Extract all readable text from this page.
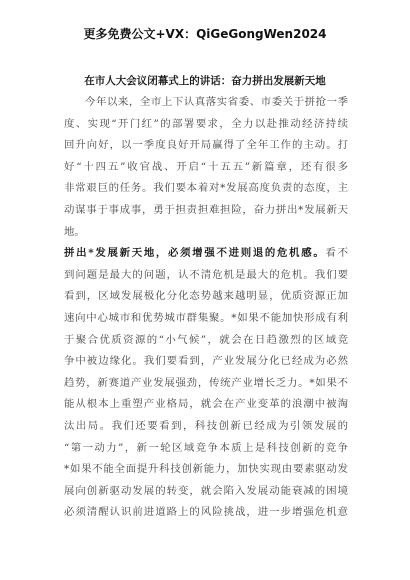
更多免费公文+VX：QiGeGongWen2024
在市人大会议闭幕式上的讲话：奋力拼出发展新天地
今年以来，全市上下认真落实省委、市委关于拼抢一季
度、实现“开门红”的部署要求，全力以赴推动经济持续
回升向好，以一季度良好开局赢得了全年工作的主动。打
好“十四五”收官战、开启“十五五”新篇章，还有很多
非常艰巨的任务。我们要本着对*发展高度负责的态度，主
动谋事于事成事，勇于担责担难担险，奋力拼出*发展新天
地。
拼出*发展新天地，必须增强不进则退的危机感。看不
到问题是最大的问题，认不清危机是最大的危机。我们要
看到，区域发展极化分化态势越来越明显，优质资源正加
速向中心城市和优势城市群集聚。*如果不能加快形成有利
于聚合优质资源的“小气候”，就会在日趋激烈的区域竞
争中被边缘化。我们要看到，产业发展分化已经成为必然
趋势，新赛道产业发展强劲，传统产业增长乏力。*如果不
能从根本上重塑产业格局，就会在产业变革的浪潮中被淘
汰出局。我们还要看到，科技创新已经成为引领发展的
“第一动力”，新一轮区域竞争本质上是科技创新的竞争
*如果不能全面提升科技创新能力，加快实现由要素驱动发
展向创新驱动发展的转变，就会陷入发展动能衰减的困境
必须清醒认识前进道路上的风险挑战，进一步增强危机意
